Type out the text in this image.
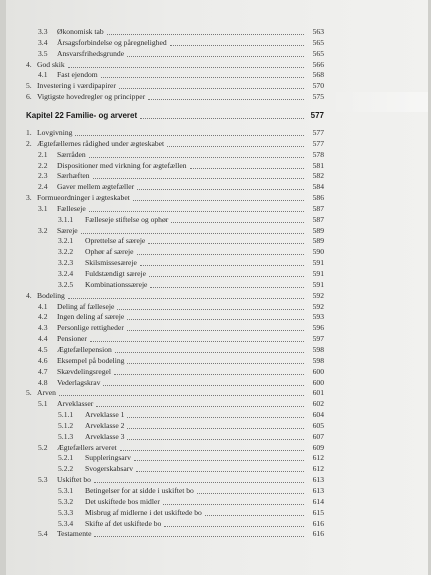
3.3 Økonomisk tab	563
3.4 Årsagsforbindelse og påregnelighed	565
3.5 Ansvarsfrihedsgrunde	565
4. God skik	566
4.1 Fast ejendom	568
5. Investering i værdipapirer	570
6. Vigtigste hovedregler og principper	575
Kapitel 22 Familie- og arveret	577
1. Lovgivning	577
2. Ægtefællernes rådighed under ægteskabet	577
2.1 Særråden	578
2.2 Dispositioner med virkning for ægtefællen	581
2.3 Særhæften	582
2.4 Gaver mellem ægtefæller	584
3. Formueordninger i ægteskabet	586
3.1 Fælleseje	587
3.1.1 Fælleseje stiftelse og ophør	587
3.2 Særeje	589
3.2.1 Oprettelse af særeje	589
3.2.2 Ophør af særeje	590
3.2.3 Skilsmissesæreje	591
3.2.4 Fuldstændigt særeje	591
3.2.5 Kombinationssæreje	591
4. Bodeling	592
4.1 Deling af fælleseje	592
4.2 Ingen deling af særeje	593
4.3 Personlige rettigheder	596
4.4 Pensioner	597
4.5 Ægtefællepension	598
4.6 Eksempel på bodeling	598
4.7 Skævdelingsregel	600
4.8 Vederlagskrav	600
5. Arven	601
5.1 Arveklasser	602
5.1.1 Arveklasse 1	604
5.1.2 Arveklasse 2	605
5.1.3 Arveklasse 3	607
5.2 Ægtefællers arveret	609
5.2.1 Suppleringsarv	612
5.2.2 Svogerskabsarv	612
5.3 Uskiftet bo	613
5.3.1 Betingelser for at sidde i uskiftet bo	613
5.3.2 Det uskiftede bos midler	614
5.3.3 Misbrug af midlerne i det uskiftede bo	615
5.3.4 Skifte af det uskiftede bo	616
5.4 Testamente	616
